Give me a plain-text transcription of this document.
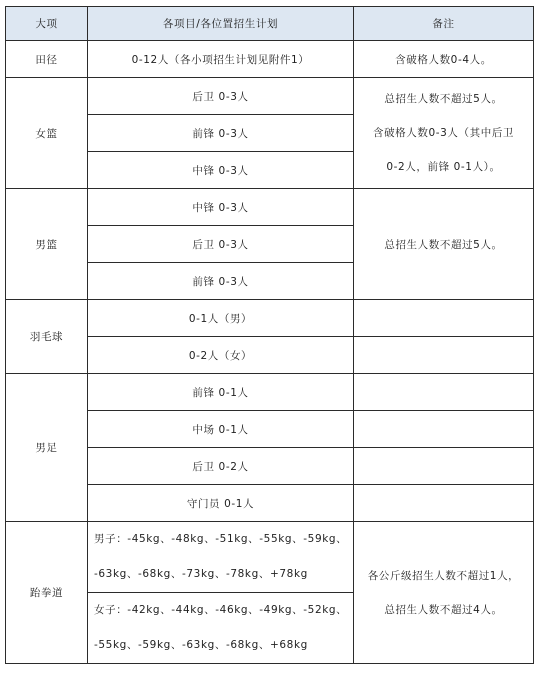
大项	各项目/各位置招生计划	备注
田径	0-12人（各小项招生计划见附件1）	含破格人数0-4人。
女篮	后卫 0-3人	总招生人数不超过5人。
含破格人数0-3人（其中后卫
0-2人，前锋 0-1人）。

	前锋 0-3人	
	中锋 0-3人	
男篮	中锋 0-3人	总招生人数不超过5人。
	后卫 0-3人	
	前锋 0-3人	
羽毛球	0-1人（男）	
	0-2人（女）	
男足	前锋 0-1人	
	中场 0-1人	
	后卫 0-2人	
	守门员 0-1人	
跆拳道	男子：-45kg、-48kg、-51kg、-55kg、-59kg、
-63kg、-68kg、-73kg、-78kg、+78kg	各公斤级招生人数不超过1人，
总招生人数不超过4人。

	女子：-42kg、-44kg、-46kg、-49kg、-52kg、
-55kg、-59kg、-63kg、-68kg、+68kg	
